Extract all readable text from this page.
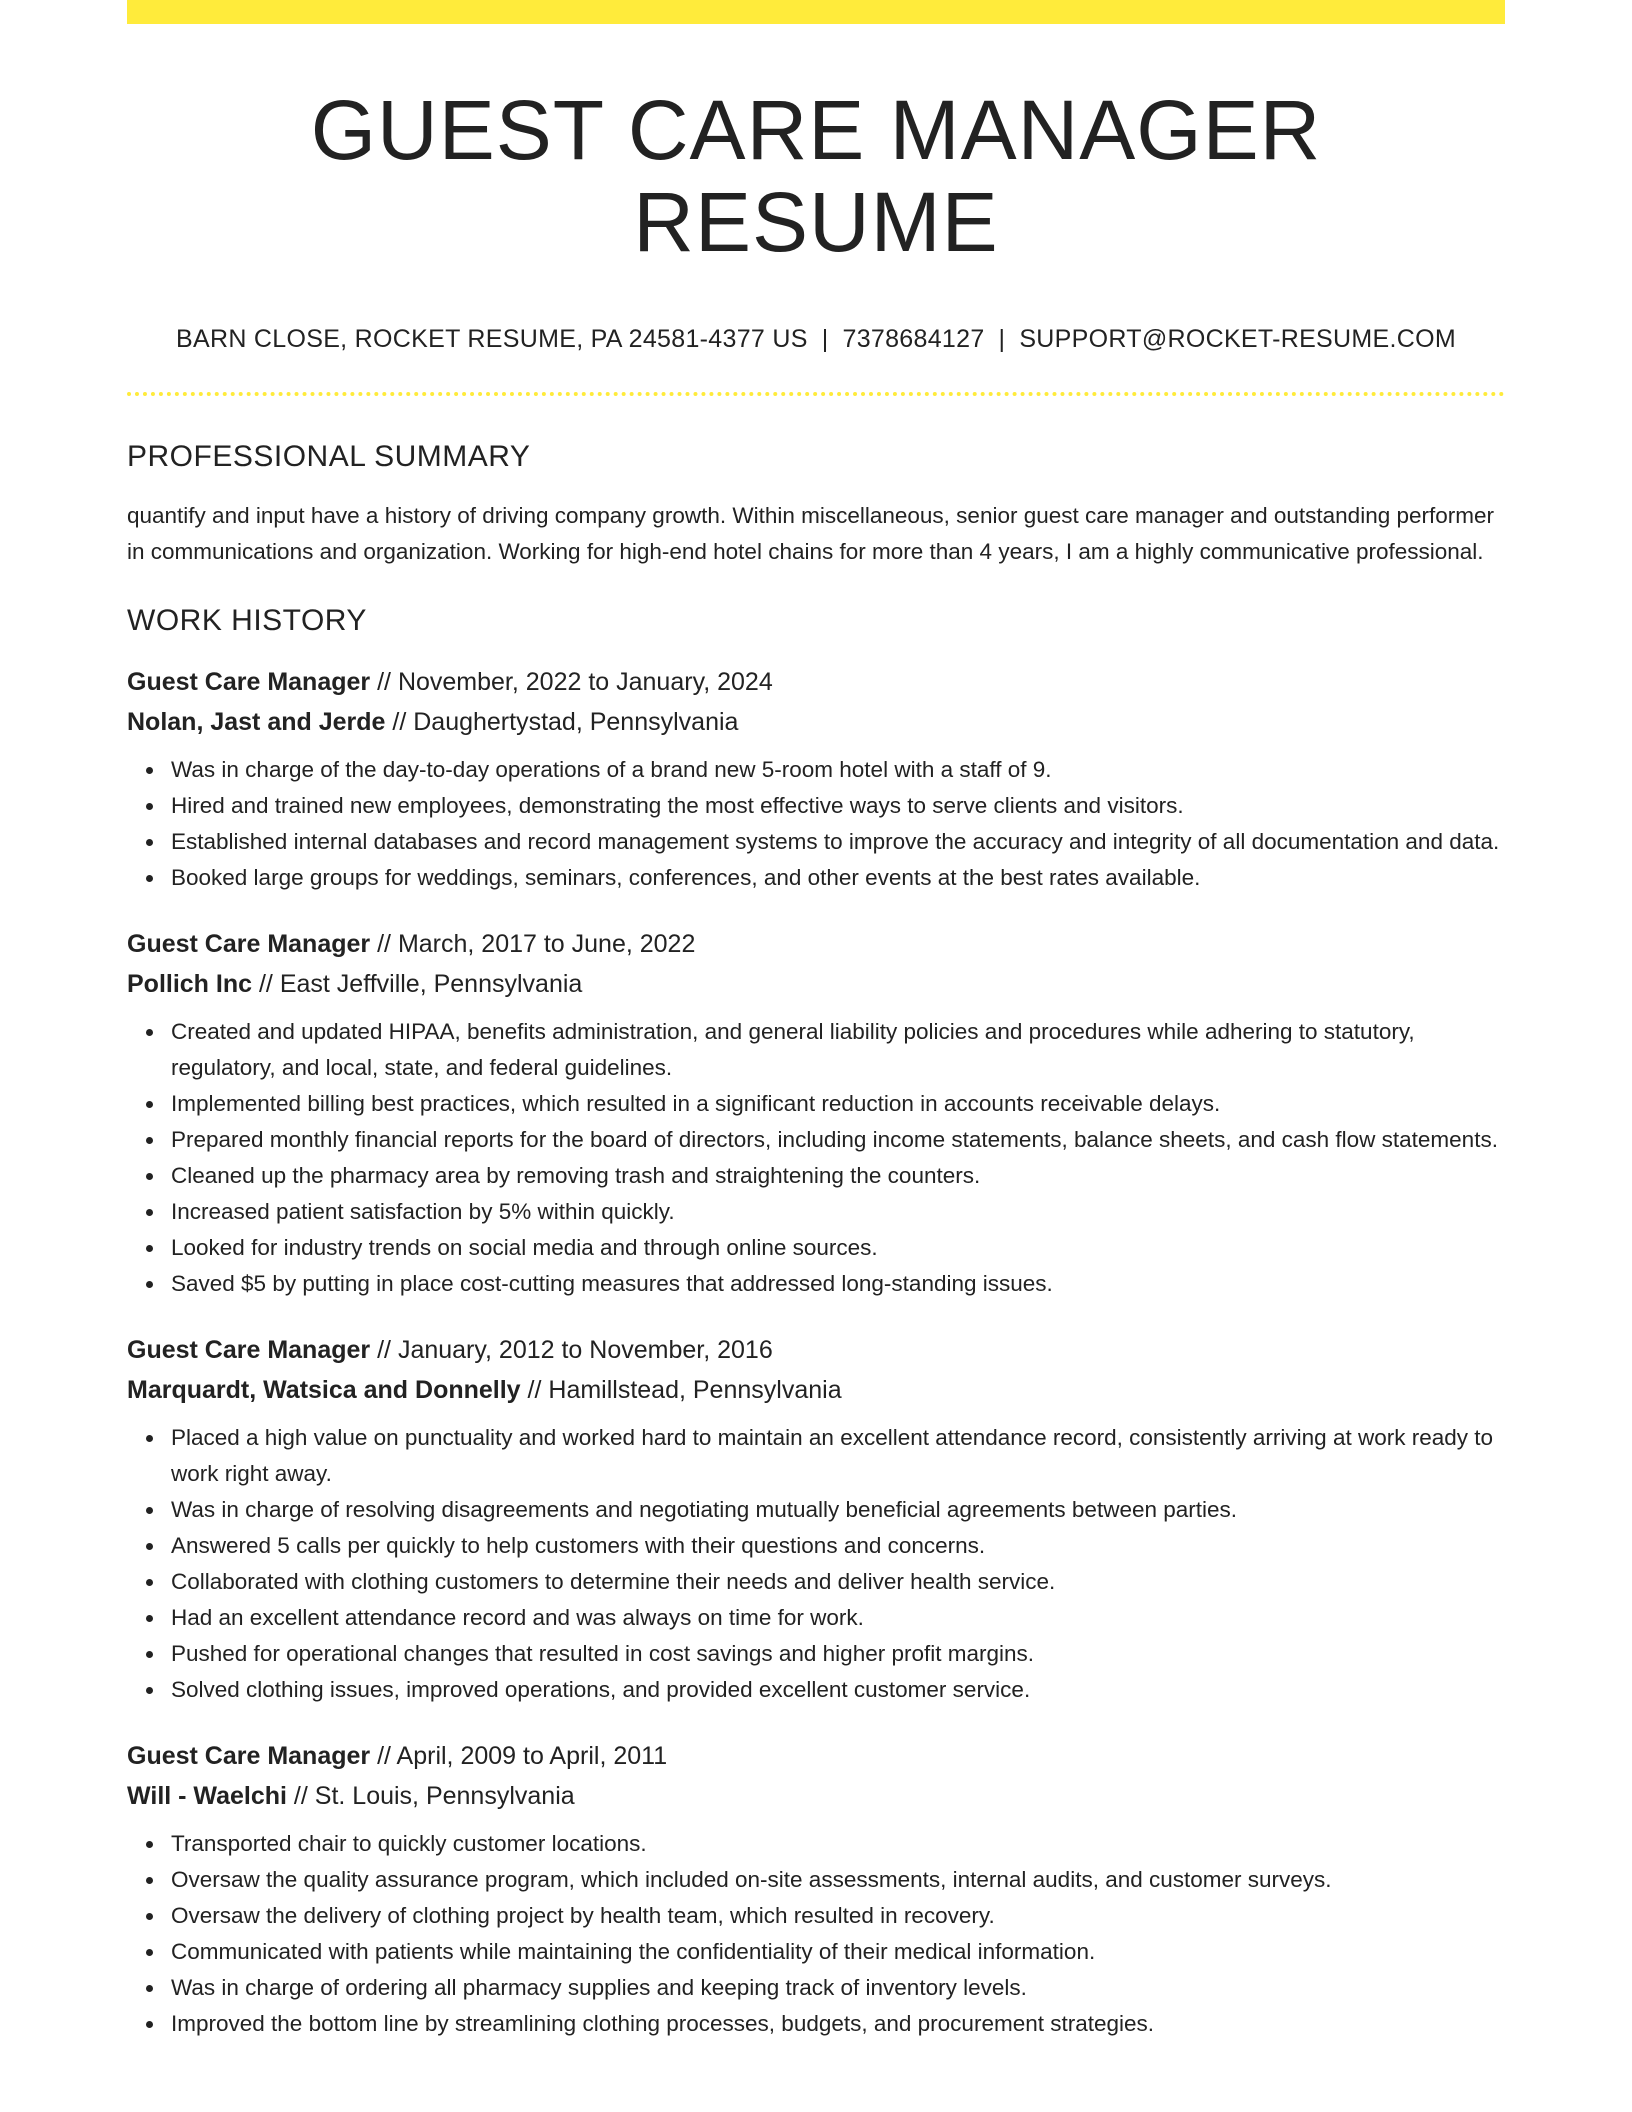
GUEST CARE MANAGER RESUME
BARN CLOSE, ROCKET RESUME, PA 24581-4377 US | 7378684127 | SUPPORT@ROCKET-RESUME.COM
PROFESSIONAL SUMMARY

quantify and input have a history of driving company growth. Within miscellaneous, senior guest care manager and outstanding performer in communications and organization. Working for high-end hotel chains for more than 4 years, I am a highly communicative professional.

WORK HISTORY
Guest Care Manager // November, 2022 to January, 2024
Nolan, Jast and Jerde // Daughertystad, Pennsylvania
Was in charge of the day-to-day operations of a brand new 5-room hotel with a staff of 9.
Hired and trained new employees, demonstrating the most effective ways to serve clients and visitors.
Established internal databases and record management systems to improve the accuracy and integrity of all documentation and data.
Booked large groups for weddings, seminars, conferences, and other events at the best rates available.
Guest Care Manager // March, 2017 to June, 2022
Pollich Inc // East Jeffville, Pennsylvania
Created and updated HIPAA, benefits administration, and general liability policies and procedures while adhering to statutory, regulatory, and local, state, and federal guidelines.
Implemented billing best practices, which resulted in a significant reduction in accounts receivable delays.
Prepared monthly financial reports for the board of directors, including income statements, balance sheets, and cash flow statements.
Cleaned up the pharmacy area by removing trash and straightening the counters.
Increased patient satisfaction by 5% within quickly.
Looked for industry trends on social media and through online sources.
Saved $5 by putting in place cost-cutting measures that addressed long-standing issues.
Guest Care Manager // January, 2012 to November, 2016
Marquardt, Watsica and Donnelly // Hamillstead, Pennsylvania
Placed a high value on punctuality and worked hard to maintain an excellent attendance record, consistently arriving at work ready to work right away.
Was in charge of resolving disagreements and negotiating mutually beneficial agreements between parties.
Answered 5 calls per quickly to help customers with their questions and concerns.
Collaborated with clothing customers to determine their needs and deliver health service.
Had an excellent attendance record and was always on time for work.
Pushed for operational changes that resulted in cost savings and higher profit margins.
Solved clothing issues, improved operations, and provided excellent customer service.
Guest Care Manager // April, 2009 to April, 2011
Will - Waelchi // St. Louis, Pennsylvania
Transported chair to quickly customer locations.
Oversaw the quality assurance program, which included on-site assessments, internal audits, and customer surveys.
Oversaw the delivery of clothing project by health team, which resulted in recovery.
Communicated with patients while maintaining the confidentiality of their medical information.
Was in charge of ordering all pharmacy supplies and keeping track of inventory levels.
Improved the bottom line by streamlining clothing processes, budgets, and procurement strategies.
